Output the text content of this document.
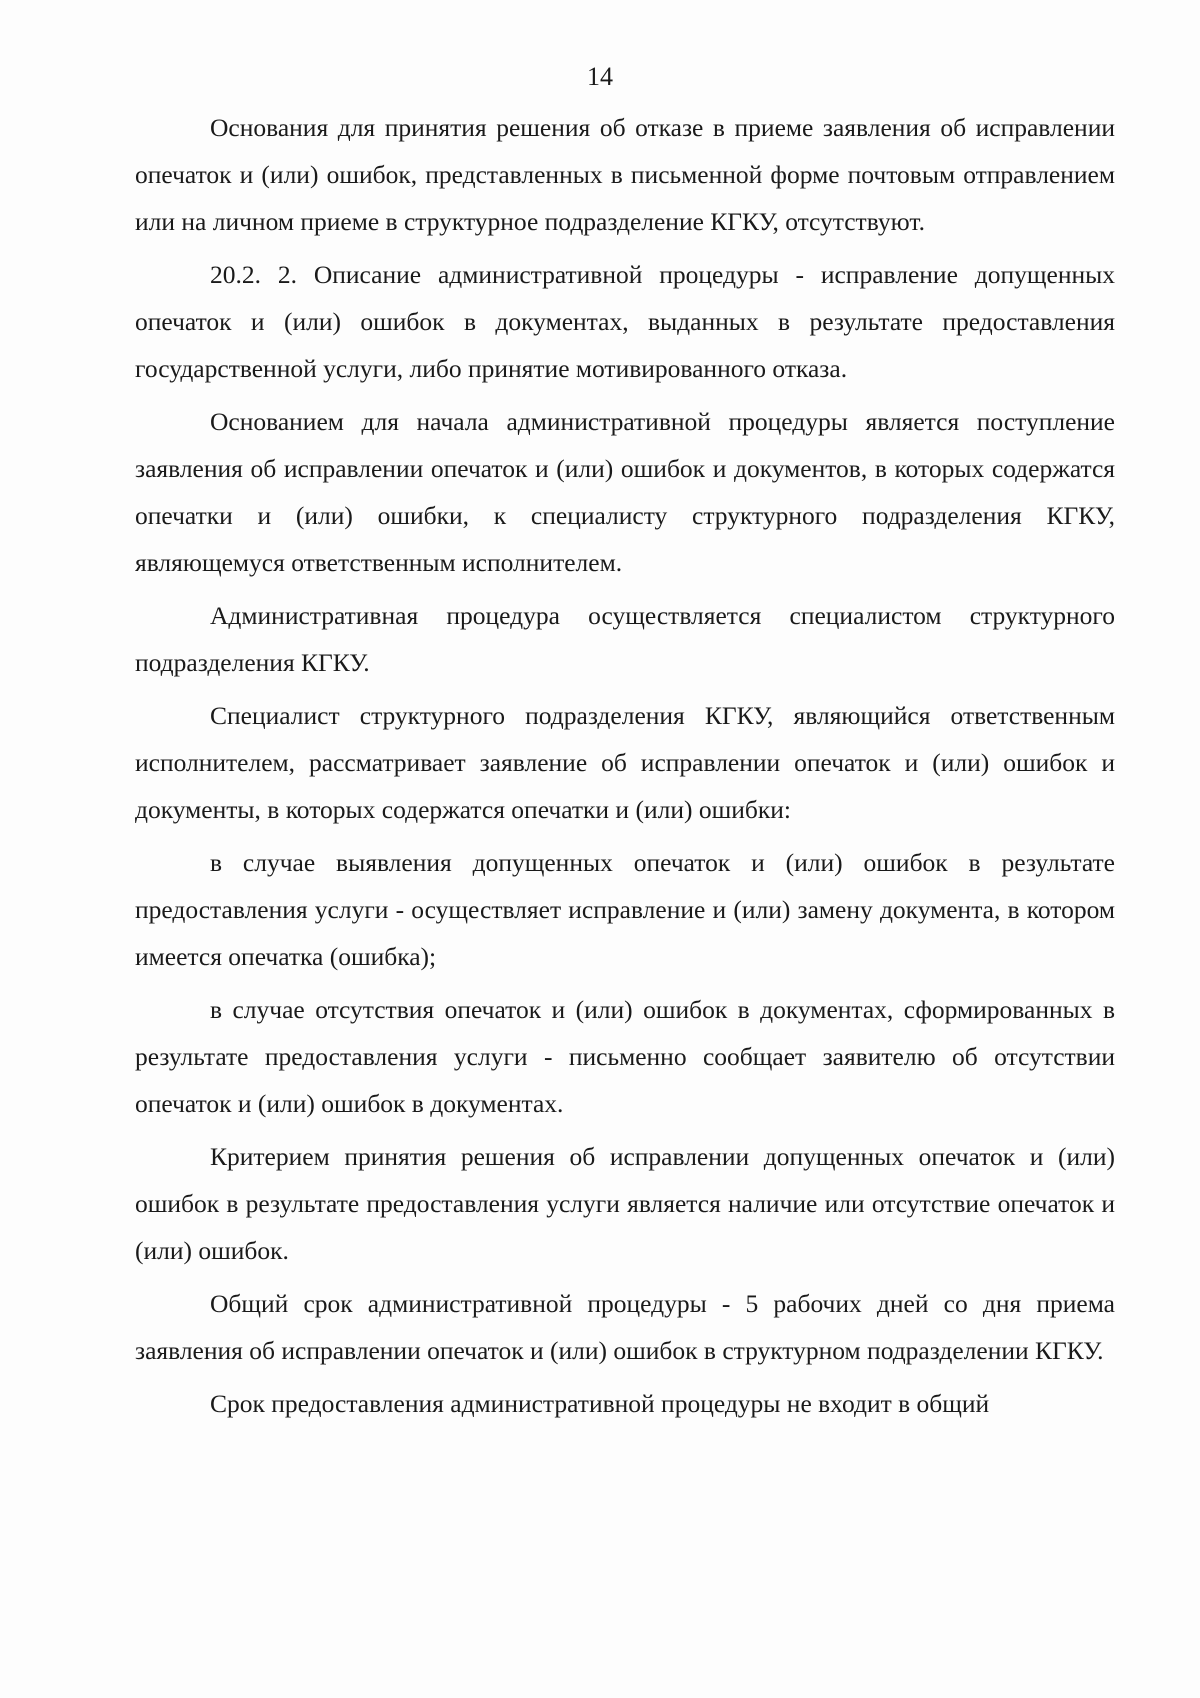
14

Основания для принятия решения об отказе в приеме заявления об исправлении опечаток и (или) ошибок, представленных в письменной форме почтовым отправлением или на личном приеме в структурное подразделение КГКУ, отсутствуют.

20.2. 2. Описание административной процедуры - исправление допущенных опечаток и (или) ошибок в документах, выданных в результате предоставления государственной услуги, либо принятие мотивированного отказа.

Основанием для начала административной процедуры является поступление заявления об исправлении опечаток и (или) ошибок и документов, в которых содержатся опечатки и (или) ошибки, к специалисту структурного подразделения КГКУ, являющемуся ответственным исполнителем.

Административная процедура осуществляется специалистом структурного подразделения КГКУ.

Специалист структурного подразделения КГКУ, являющийся ответственным исполнителем, рассматривает заявление об исправлении опечаток и (или) ошибок и документы, в которых содержатся опечатки и (или) ошибки:

в случае выявления допущенных опечаток и (или) ошибок в результате предоставления услуги - осуществляет исправление и (или) замену документа, в котором имеется опечатка (ошибка);

в случае отсутствия опечаток и (или) ошибок в документах, сформированных в результате предоставления услуги - письменно сообщает заявителю об отсутствии опечаток и (или) ошибок в документах.

Критерием принятия решения об исправлении допущенных опечаток и (или) ошибок в результате предоставления услуги является наличие или отсутствие опечаток и (или) ошибок.

Общий срок административной процедуры - 5 рабочих дней со дня приема заявления об исправлении опечаток и (или) ошибок в структурном подразделении КГКУ.

Срок предоставления административной процедуры не входит в общий
